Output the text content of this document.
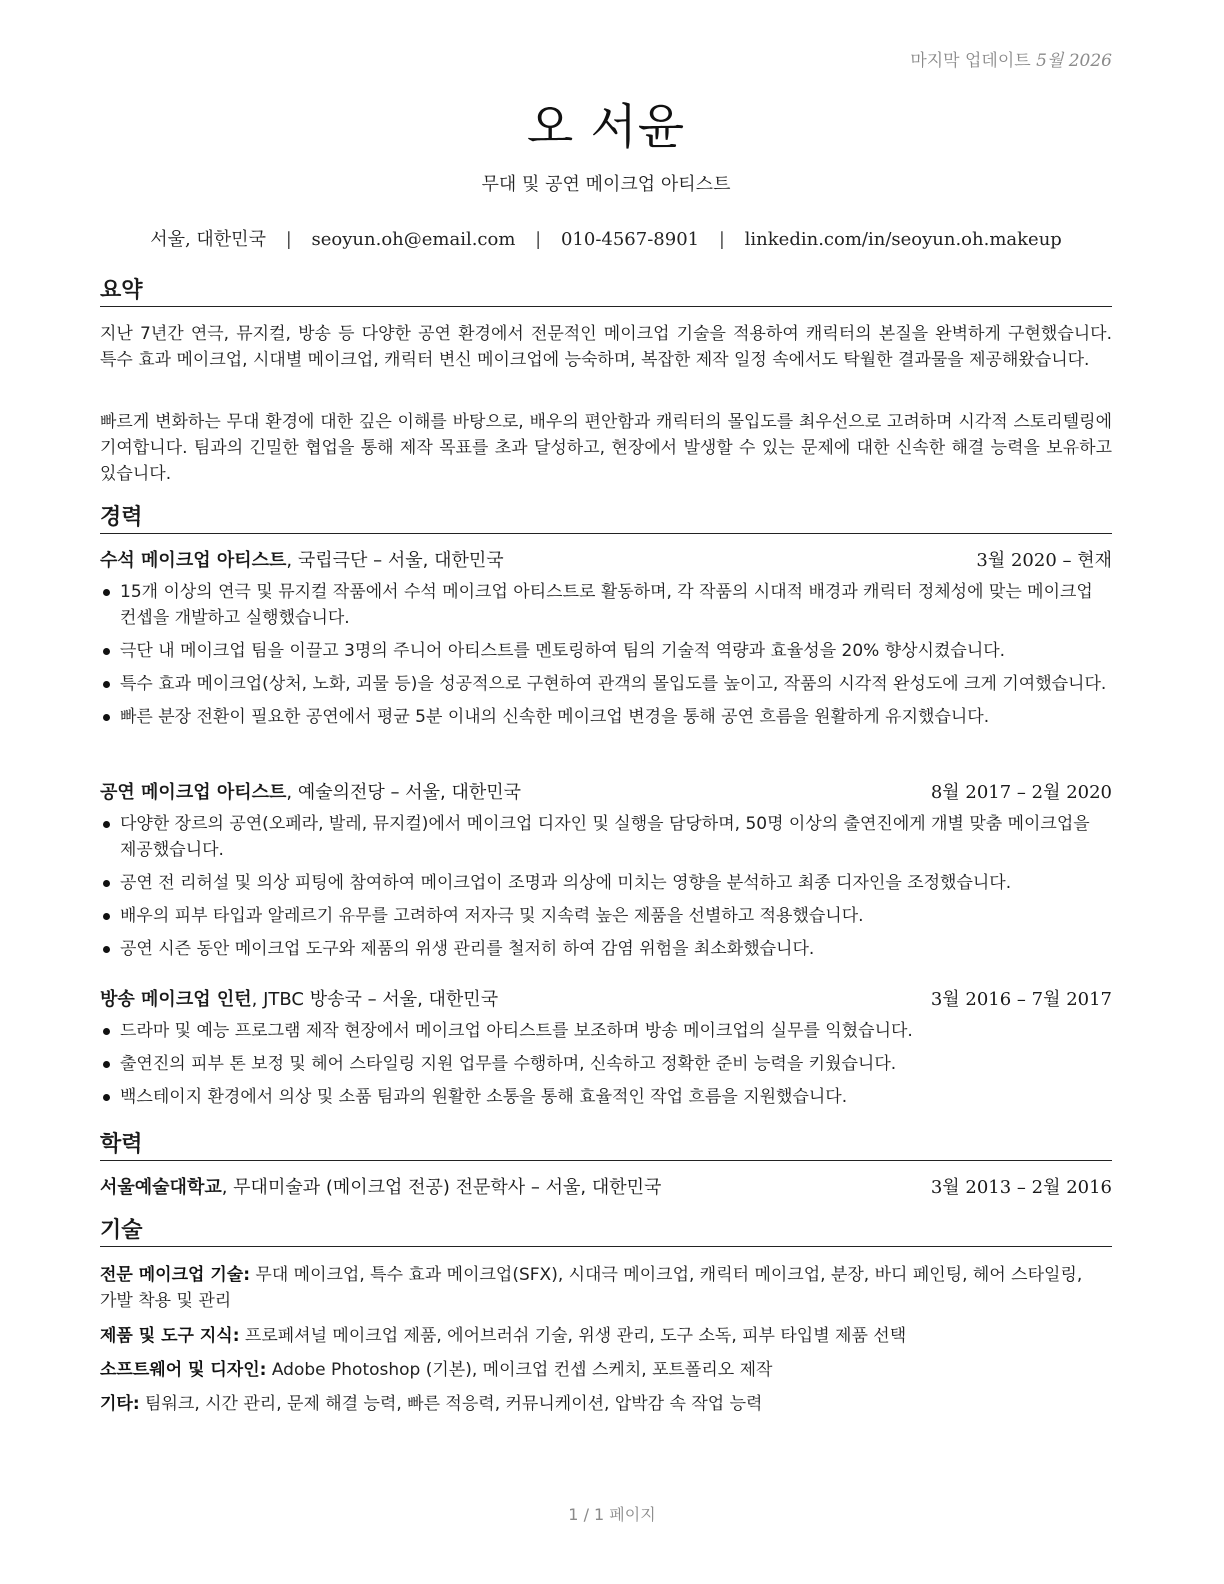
마지막 업데이트 5월 2026
오 서윤
무대 및 공연 메이크업 아티스트
서울, 대한민국 | seoyun.oh@email.com | 010-4567-8901 | linkedin.com/in/seoyun.oh.makeup
요약
지난 7년간 연극, 뮤지컬, 방송 등 다양한 공연 환경에서 전문적인 메이크업 기술을 적용하여 캐릭터의 본질을 완벽하게 구현했습니다. 특수 효과 메이크업, 시대별 메이크업, 캐릭터 변신 메이크업에 능숙하며, 복잡한 제작 일정 속에서도 탁월한 결과물을 제공해왔습니다.
빠르게 변화하는 무대 환경에 대한 깊은 이해를 바탕으로, 배우의 편안함과 캐릭터의 몰입도를 최우선으로 고려하며 시각적 스토리텔링에 기여합니다. 팀과의 긴밀한 협업을 통해 제작 목표를 초과 달성하고, 현장에서 발생할 수 있는 문제에 대한 신속한 해결 능력을 보유하고 있습니다.
경력
수석 메이크업 아티스트, 국립극단 – 서울, 대한민국	3월 2020 – 현재
15개 이상의 연극 및 뮤지컬 작품에서 수석 메이크업 아티스트로 활동하며, 각 작품의 시대적 배경과 캐릭터 정체성에 맞는 메이크업 컨셉을 개발하고 실행했습니다.
극단 내 메이크업 팀을 이끌고 3명의 주니어 아티스트를 멘토링하여 팀의 기술적 역량과 효율성을 20% 향상시켰습니다.
특수 효과 메이크업(상처, 노화, 괴물 등)을 성공적으로 구현하여 관객의 몰입도를 높이고, 작품의 시각적 완성도에 크게 기여했습니다.
빠른 분장 전환이 필요한 공연에서 평균 5분 이내의 신속한 메이크업 변경을 통해 공연 흐름을 원활하게 유지했습니다.
공연 메이크업 아티스트, 예술의전당 – 서울, 대한민국	8월 2017 – 2월 2020
다양한 장르의 공연(오페라, 발레, 뮤지컬)에서 메이크업 디자인 및 실행을 담당하며, 50명 이상의 출연진에게 개별 맞춤 메이크업을 제공했습니다.
공연 전 리허설 및 의상 피팅에 참여하여 메이크업이 조명과 의상에 미치는 영향을 분석하고 최종 디자인을 조정했습니다.
배우의 피부 타입과 알레르기 유무를 고려하여 저자극 및 지속력 높은 제품을 선별하고 적용했습니다.
공연 시즌 동안 메이크업 도구와 제품의 위생 관리를 철저히 하여 감염 위험을 최소화했습니다.
방송 메이크업 인턴, JTBC 방송국 – 서울, 대한민국	3월 2016 – 7월 2017
드라마 및 예능 프로그램 제작 현장에서 메이크업 아티스트를 보조하며 방송 메이크업의 실무를 익혔습니다.
출연진의 피부 톤 보정 및 헤어 스타일링 지원 업무를 수행하며, 신속하고 정확한 준비 능력을 키웠습니다.
백스테이지 환경에서 의상 및 소품 팀과의 원활한 소통을 통해 효율적인 작업 흐름을 지원했습니다.
학력
서울예술대학교, 무대미술과 (메이크업 전공) 전문학사 – 서울, 대한민국	3월 2013 – 2월 2016
기술
전문 메이크업 기술: 무대 메이크업, 특수 효과 메이크업(SFX), 시대극 메이크업, 캐릭터 메이크업, 분장, 바디 페인팅, 헤어 스타일링, 가발 착용 및 관리
제품 및 도구 지식: 프로페셔널 메이크업 제품, 에어브러쉬 기술, 위생 관리, 도구 소독, 피부 타입별 제품 선택
소프트웨어 및 디자인: Adobe Photoshop (기본), 메이크업 컨셉 스케치, 포트폴리오 제작
기타: 팀워크, 시간 관리, 문제 해결 능력, 빠른 적응력, 커뮤니케이션, 압박감 속 작업 능력
1 / 1 페이지
